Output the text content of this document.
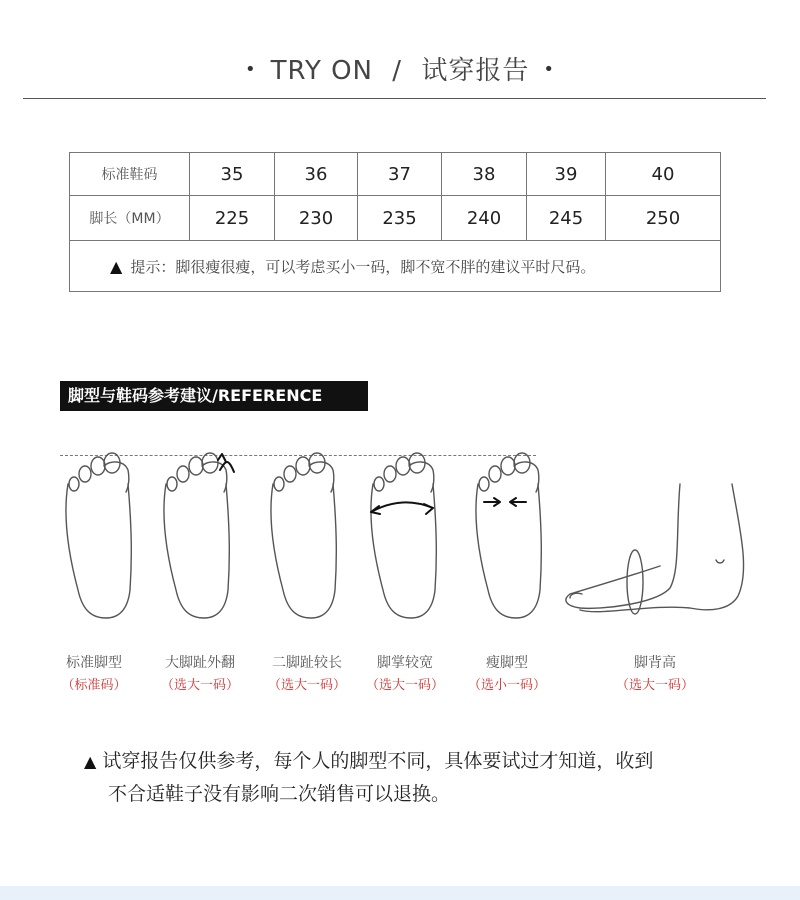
• TRY ON / 试穿报告 •
标准鞋码	35	36	37	38	39	40
脚长（MM）	225	230	235	240	245	250
▲ 提示：脚很瘦很瘦，可以考虑买小一码，脚不宽不胖的建议平时尺码。						
脚型与鞋码参考建议/REFERENCE
标准脚型
（标准码）
大脚趾外翻
（选大一码）
二脚趾较长
（选大一码）
脚掌较宽
（选大一码）
瘦脚型
（选小一码）
脚背高
（选大一码）
▲ 试穿报告仅供参考，每个人的脚型不同，具体要试过才知道，收到
不合适鞋子没有影响二次销售可以退换。
